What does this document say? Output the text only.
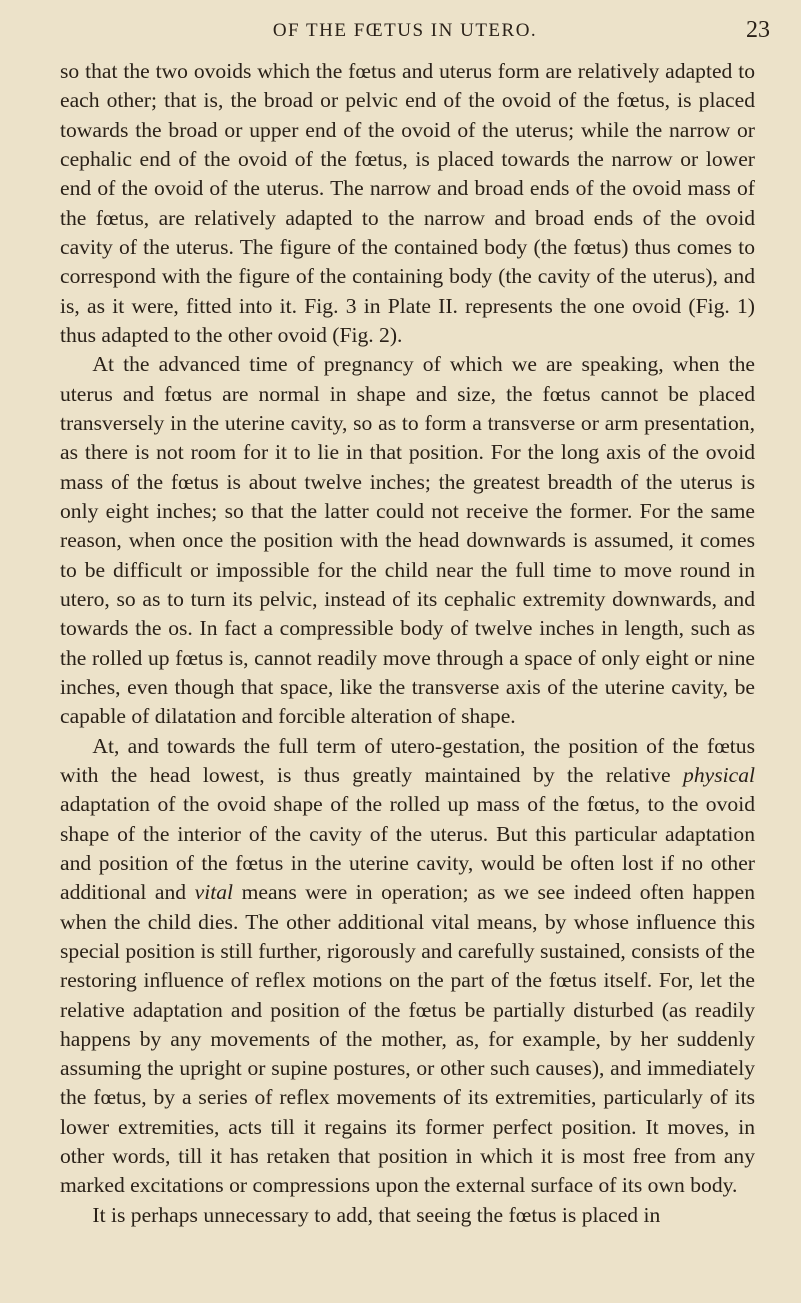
OF THE FŒTUS IN UTERO.	23

so that the two ovoids which the fœtus and uterus form are relatively adapted to each other; that is, the broad or pelvic end of the ovoid of the fœtus, is placed towards the broad or upper end of the ovoid of the uterus; while the narrow or cephalic end of the ovoid of the fœtus, is placed towards the narrow or lower end of the ovoid of the uterus. The narrow and broad ends of the ovoid mass of the fœtus, are relatively adapted to the narrow and broad ends of the ovoid cavity of the uterus. The figure of the contained body (the fœtus) thus comes to correspond with the figure of the containing body (the cavity of the uterus), and is, as it were, fitted into it. Fig. 3 in Plate II. represents the one ovoid (Fig. 1) thus adapted to the other ovoid (Fig. 2).

At the advanced time of pregnancy of which we are speaking, when the uterus and fœtus are normal in shape and size, the fœtus cannot be placed transversely in the uterine cavity, so as to form a transverse or arm presentation, as there is not room for it to lie in that position. For the long axis of the ovoid mass of the fœtus is about twelve inches; the greatest breadth of the uterus is only eight inches; so that the latter could not receive the former. For the same reason, when once the position with the head downwards is assumed, it comes to be difficult or impossible for the child near the full time to move round in utero, so as to turn its pelvic, instead of its cephalic extremity downwards, and towards the os. In fact a compressible body of twelve inches in length, such as the rolled up fœtus is, cannot readily move through a space of only eight or nine inches, even though that space, like the transverse axis of the uterine cavity, be capable of dilatation and forcible alteration of shape.

At, and towards the full term of utero-gestation, the position of the fœtus with the head lowest, is thus greatly maintained by the relative physical adaptation of the ovoid shape of the rolled up mass of the fœtus, to the ovoid shape of the interior of the cavity of the uterus. But this particular adaptation and position of the fœtus in the uterine cavity, would be often lost if no other additional and vital means were in operation; as we see indeed often happen when the child dies. The other additional vital means, by whose influence this special position is still further, rigorously and carefully sustained, consists of the restoring influence of reflex motions on the part of the fœtus itself. For, let the relative adaptation and position of the fœtus be partially disturbed (as readily happens by any movements of the mother, as, for example, by her suddenly assuming the upright or supine postures, or other such causes), and immediately the fœtus, by a series of reflex movements of its extremities, particularly of its lower extremities, acts till it regains its former perfect position. It moves, in other words, till it has retaken that position in which it is most free from any marked excitations or compressions upon the external surface of its own body.

It is perhaps unnecessary to add, that seeing the fœtus is placed in
